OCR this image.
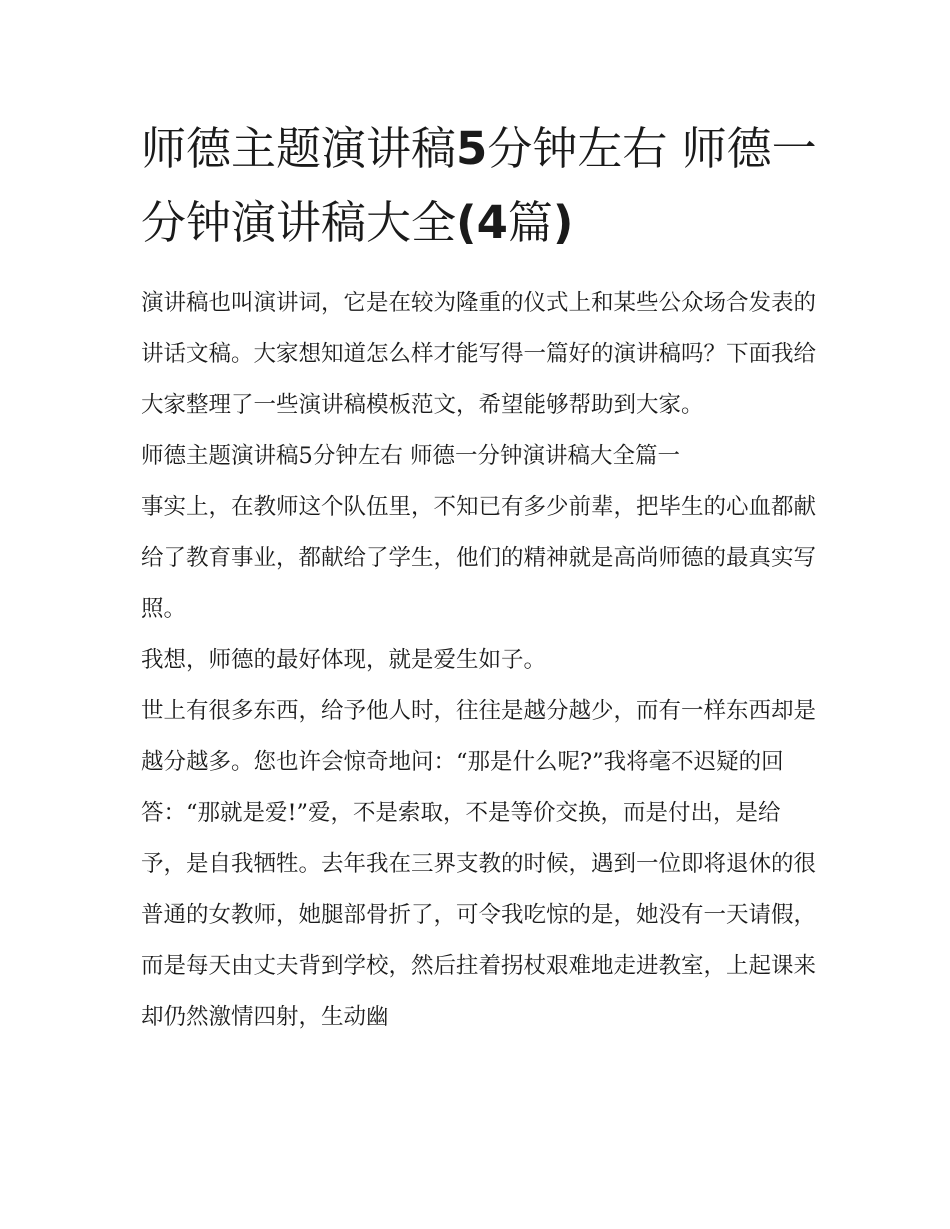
师德主题演讲稿5分钟左右 师德一分钟演讲稿大全(4篇)

演讲稿也叫演讲词，它是在较为隆重的仪式上和某些公众场合发表的讲话文稿。大家想知道怎么样才能写得一篇好的演讲稿吗？下面我给大家整理了一些演讲稿模板范文，希望能够帮助到大家。

师德主题演讲稿5分钟左右 师德一分钟演讲稿大全篇一

事实上，在教师这个队伍里，不知已有多少前辈，把毕生的心血都献给了教育事业，都献给了学生，他们的精神就是高尚师德的最真实写照。

我想，师德的最好体现，就是爱生如子。

世上有很多东西，给予他人时，往往是越分越少，而有一样东西却是越分越多。您也许会惊奇地问：“那是什么呢?”我将毫不迟疑的回答：“那就是爱!”爱，不是索取，不是等价交换，而是付出，是给予，是自我牺牲。去年我在三界支教的时候，遇到一位即将退休的很普通的女教师，她腿部骨折了，可令我吃惊的是，她没有一天请假，而是每天由丈夫背到学校，然后拄着拐杖艰难地走进教室，上起课来却仍然激情四射，生动幽
